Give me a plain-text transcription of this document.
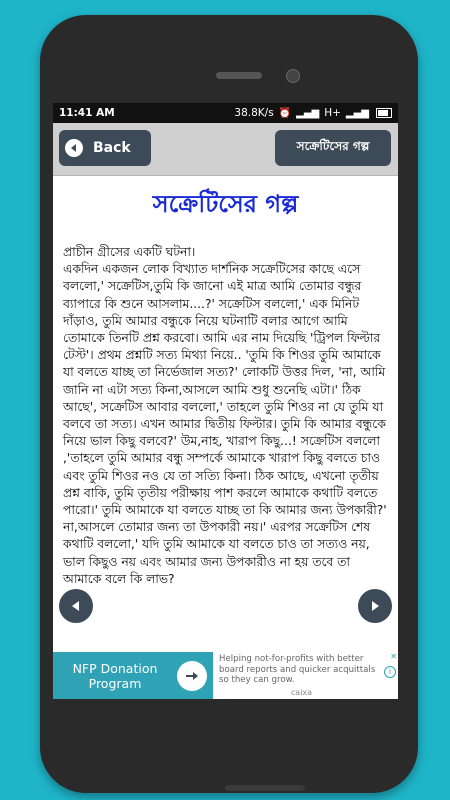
11:41 AM	38.8K/s ⏰ ▂▄▆ H+ ▂▄▆
Back	সক্রেটিসের গল্প
সক্রেটিসের গল্প

প্রাচীন গ্রীসের একটি ঘটনা।

একদিন একজন লোক বিখ্যাত দার্শনিক সক্রেটিসের কাছে এসে বললো,' সক্রেটিস,তুমি কি জানো এই মাত্র আমি তোমার বন্ধুর ব্যাপারে কি শুনে আসলাম....?' সক্রেটিস বললো,' এক মিনিট দাঁড়াও, তুমি আমার বন্ধুকে নিয়ে ঘটনাটি বলার আগে আমি তোমাকে তিনটি প্রশ্ন করবো। আমি এর নাম দিয়েছি 'ট্রিপল ফিল্টার টেস্ট'। প্রথম প্রশ্নটি সত্য মিথ্যা নিয়ে.. 'তুমি কি শিওর তুমি আমাকে যা বলতে যাচ্ছ তা নির্ভেজাল সত্য?' লোকটি উত্তর দিল, 'না, আমি জানি না এটা সত্য কিনা,আসলে আমি শুধু শুনেছি এটা।' ঠিক আছে', সক্রেটিস আবার বললো,' তাহলে তুমি শিওর না যে তুমি যা বলবে তা সত্য। এখন আমার দ্বিতীয় ফিল্টার। তুমি কি আমার বন্ধুকে নিয়ে ভাল কিছু বলবে?' উম,নাহ, খারাপ কিছু...! সক্রেটিস বললো ,'তাহলে তুমি আমার বন্ধু সম্পর্কে আমাকে খারাপ কিছু বলতে চাও এবং তুমি শিওর নও যে তা সত্যি কিনা। ঠিক আছে, এখনো তৃতীয় প্রশ্ন বাকি, তুমি তৃতীয় পরীক্ষায় পাশ করলে আমাকে কথাটি বলতে পারো।' তুমি আমাকে যা বলতে যাচ্ছ তা কি আমার জন্য উপকারী?' না,আসলে তোমার জন্য তা উপকারী নয়।' এরপর সক্রেটিস শেষ কথাটি বললো,' যদি তুমি আমাকে যা বলতে চাও তা সত্যও নয়, ভাল কিছুও নয় এবং আমার জন্য উপকারীও না হয় তবে তা আমাকে বলে কি লাভ?

NFP Donation Program
Helping not-for-profits with better board reports and quicker acquittals so they can grow.
caixa
✕
i
